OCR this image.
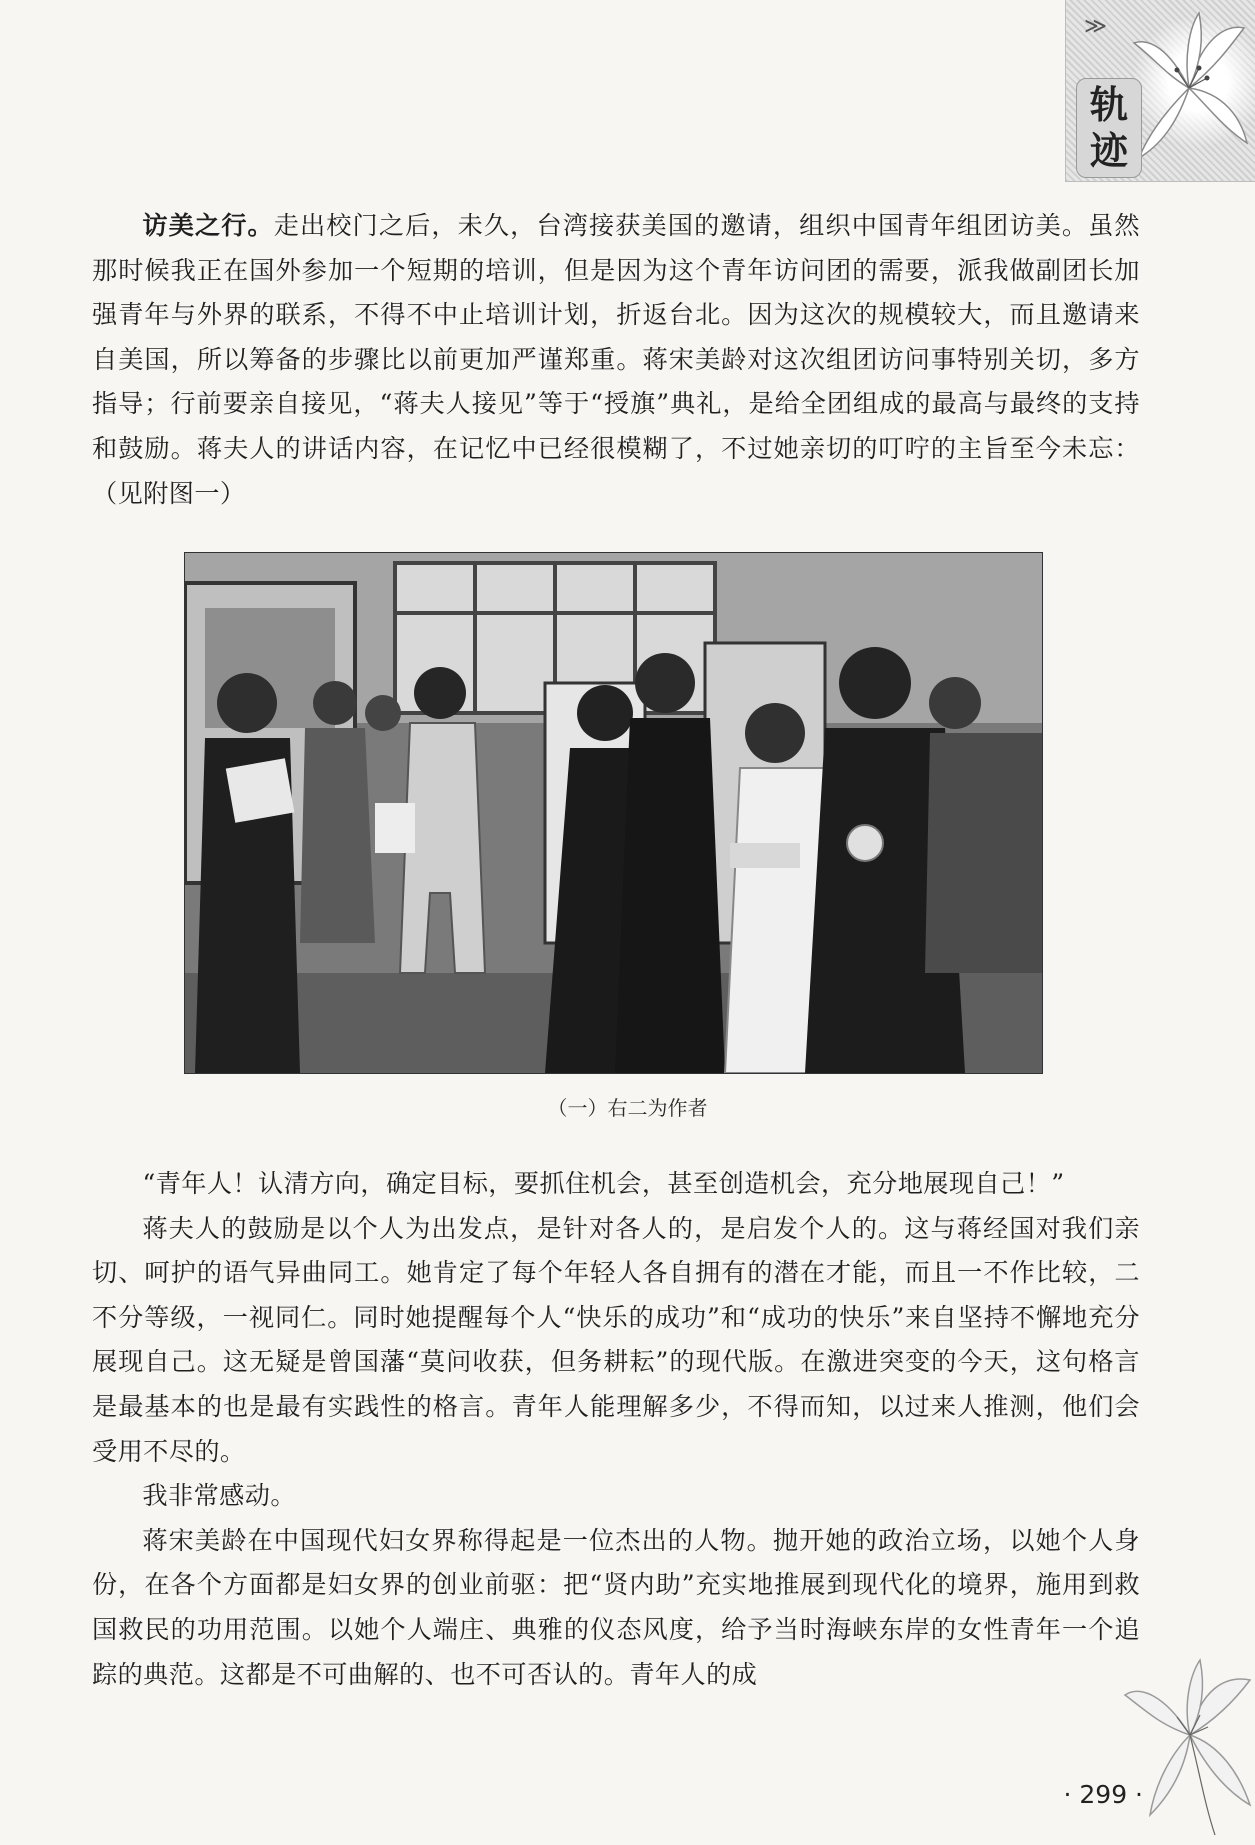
≫
轨
迹

访美之行。走出校门之后，未久，台湾接获美国的邀请，组织中国青年组团访美。虽然那时候我正在国外参加一个短期的培训，但是因为这个青年访问团的需要，派我做副团长加强青年与外界的联系，不得不中止培训计划，折返台北。因为这次的规模较大，而且邀请来自美国，所以筹备的步骤比以前更加严谨郑重。蒋宋美龄对这次组团访问事特别关切，多方指导；行前要亲自接见，“蒋夫人接见”等于“授旗”典礼，是给全团组成的最高与最终的支持和鼓励。蒋夫人的讲话内容，在记忆中已经很模糊了，不过她亲切的叮咛的主旨至今未忘：（见附图一）

（一）右二为作者

“青年人！认清方向，确定目标，要抓住机会，甚至创造机会，充分地展现自己！”

蒋夫人的鼓励是以个人为出发点，是针对各人的，是启发个人的。这与蒋经国对我们亲切、呵护的语气异曲同工。她肯定了每个年轻人各自拥有的潜在才能，而且一不作比较，二不分等级，一视同仁。同时她提醒每个人“快乐的成功”和“成功的快乐”来自坚持不懈地充分展现自己。这无疑是曾国藩“莫问收获，但务耕耘”的现代版。在激进突变的今天，这句格言是最基本的也是最有实践性的格言。青年人能理解多少，不得而知，以过来人推测，他们会受用不尽的。

我非常感动。

蒋宋美龄在中国现代妇女界称得起是一位杰出的人物。抛开她的政治立场，以她个人身份，在各个方面都是妇女界的创业前驱：把“贤内助”充实地推展到现代化的境界，施用到救国救民的功用范围。以她个人端庄、典雅的仪态风度，给予当时海峡东岸的女性青年一个追踪的典范。这都是不可曲解的、也不可否认的。青年人的成

· 299 ·
